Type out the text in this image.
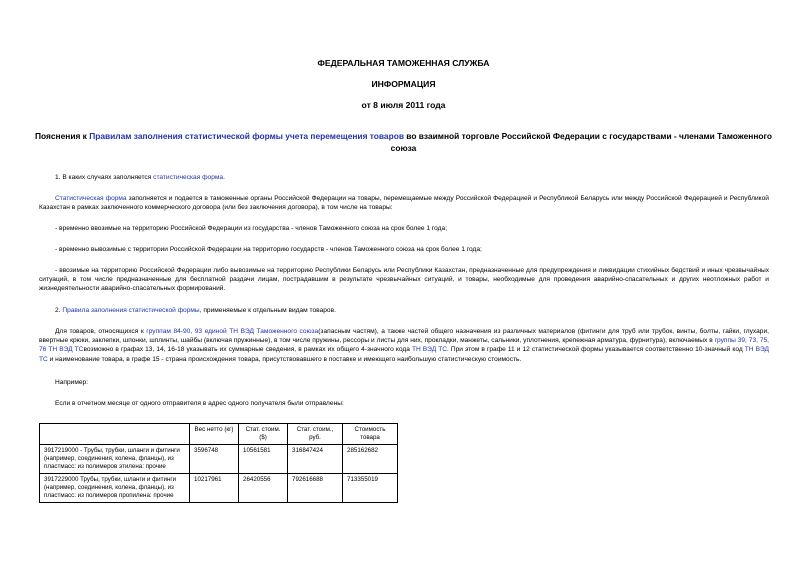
ФЕДЕРАЛЬНАЯ ТАМОЖЕННАЯ СЛУЖБА
ИНФОРМАЦИЯ
от 8 июля 2011 года
Пояснения к Правилам заполнения статистической формы учета перемещения товаров во взаимной торговле Российской Федерации с государствами - членами Таможенного союза
1. В каких случаях заполняется статистическая форма.
Статистическая форма заполняется и подается в таможенные органы Российской Федерации на товары, перемещаемые между Российской Федерацией и Республикой Беларусь или между Российской Федерацией и Республикой Казахстан в рамках заключенного коммерческого договора (или без заключения договора), в том числе на товары:
- временно ввозимые на территорию Российской Федерации из государства - членов Таможенного союза на срок более 1 года;
- временно вывозимые с территории Российской Федерации на территорию государств - членов Таможенного союза на срок более 1 года;
- ввозимые на территорию Российской Федерации либо вывозимые на территорию Республики Беларусь или Республики Казахстан, предназначенные для предупреждения и ликвидации стихийных бедствий и иных чрезвычайных ситуаций, в том числе предназначенные для бесплатной раздачи лицам, пострадавшим в результате чрезвычайных ситуаций, и товары, необходимые для проведения аварийно-спасательных и других неотложных работ и жизнедеятельности аварийно-спасательных формирований.
2. Правила заполнения статистической формы, применяемые к отдельным видам товаров.
Для товаров, относящихся к группам 84-90, 93 единой ТН ВЭД Таможенного союза(запасным частям), а также частей общего назначения из различных материалов (фитинги для труб или трубок, винты, болты, гайки, глухари, ввертные крюки, заклепки, шпонки, шплинты, шайбы (включая пружинные), в том числе пружины, рессоры и листы для них, прокладки, манжеты, сальники, уплотнения, крепежная арматура, фурнитура), включаемых в группы 39, 73, 75, 76 ТН ВЭД ТСвозможно в графах 13, 14, 16-18 указывать их суммарные сведения, в рамках их общего 4-значного кода ТН ВЭД ТС. При этом в графе 11 и 12 статистической формы указывается соответственно 10-значный код ТН ВЭД ТС и наименование товара, в графе 15 - страна происхождения товара, присутствовавшего в поставке и имеющего наибольшую статистическую стоимость.
Например:
Если в отчетном месяце от одного отправителя в адрес одного получателя были отправлены:
	Вес нетто (кг)	Стат. стоим. ($)	Стат. стоим., руб.	Стоимость товара
3917219000 - Трубы, трубки, шланги и фитинги (например, соединения, колена, фланцы), из пластмасс: из полимеров этилена: прочие	3596748	10561581	316847424	285162682
3917229000 Трубы, трубки, шланги и фитинги (например, соединения, колена, фланцы), из пластмасс: из полимеров пропилена: прочие	10217961	26420556	792616688	713355019
